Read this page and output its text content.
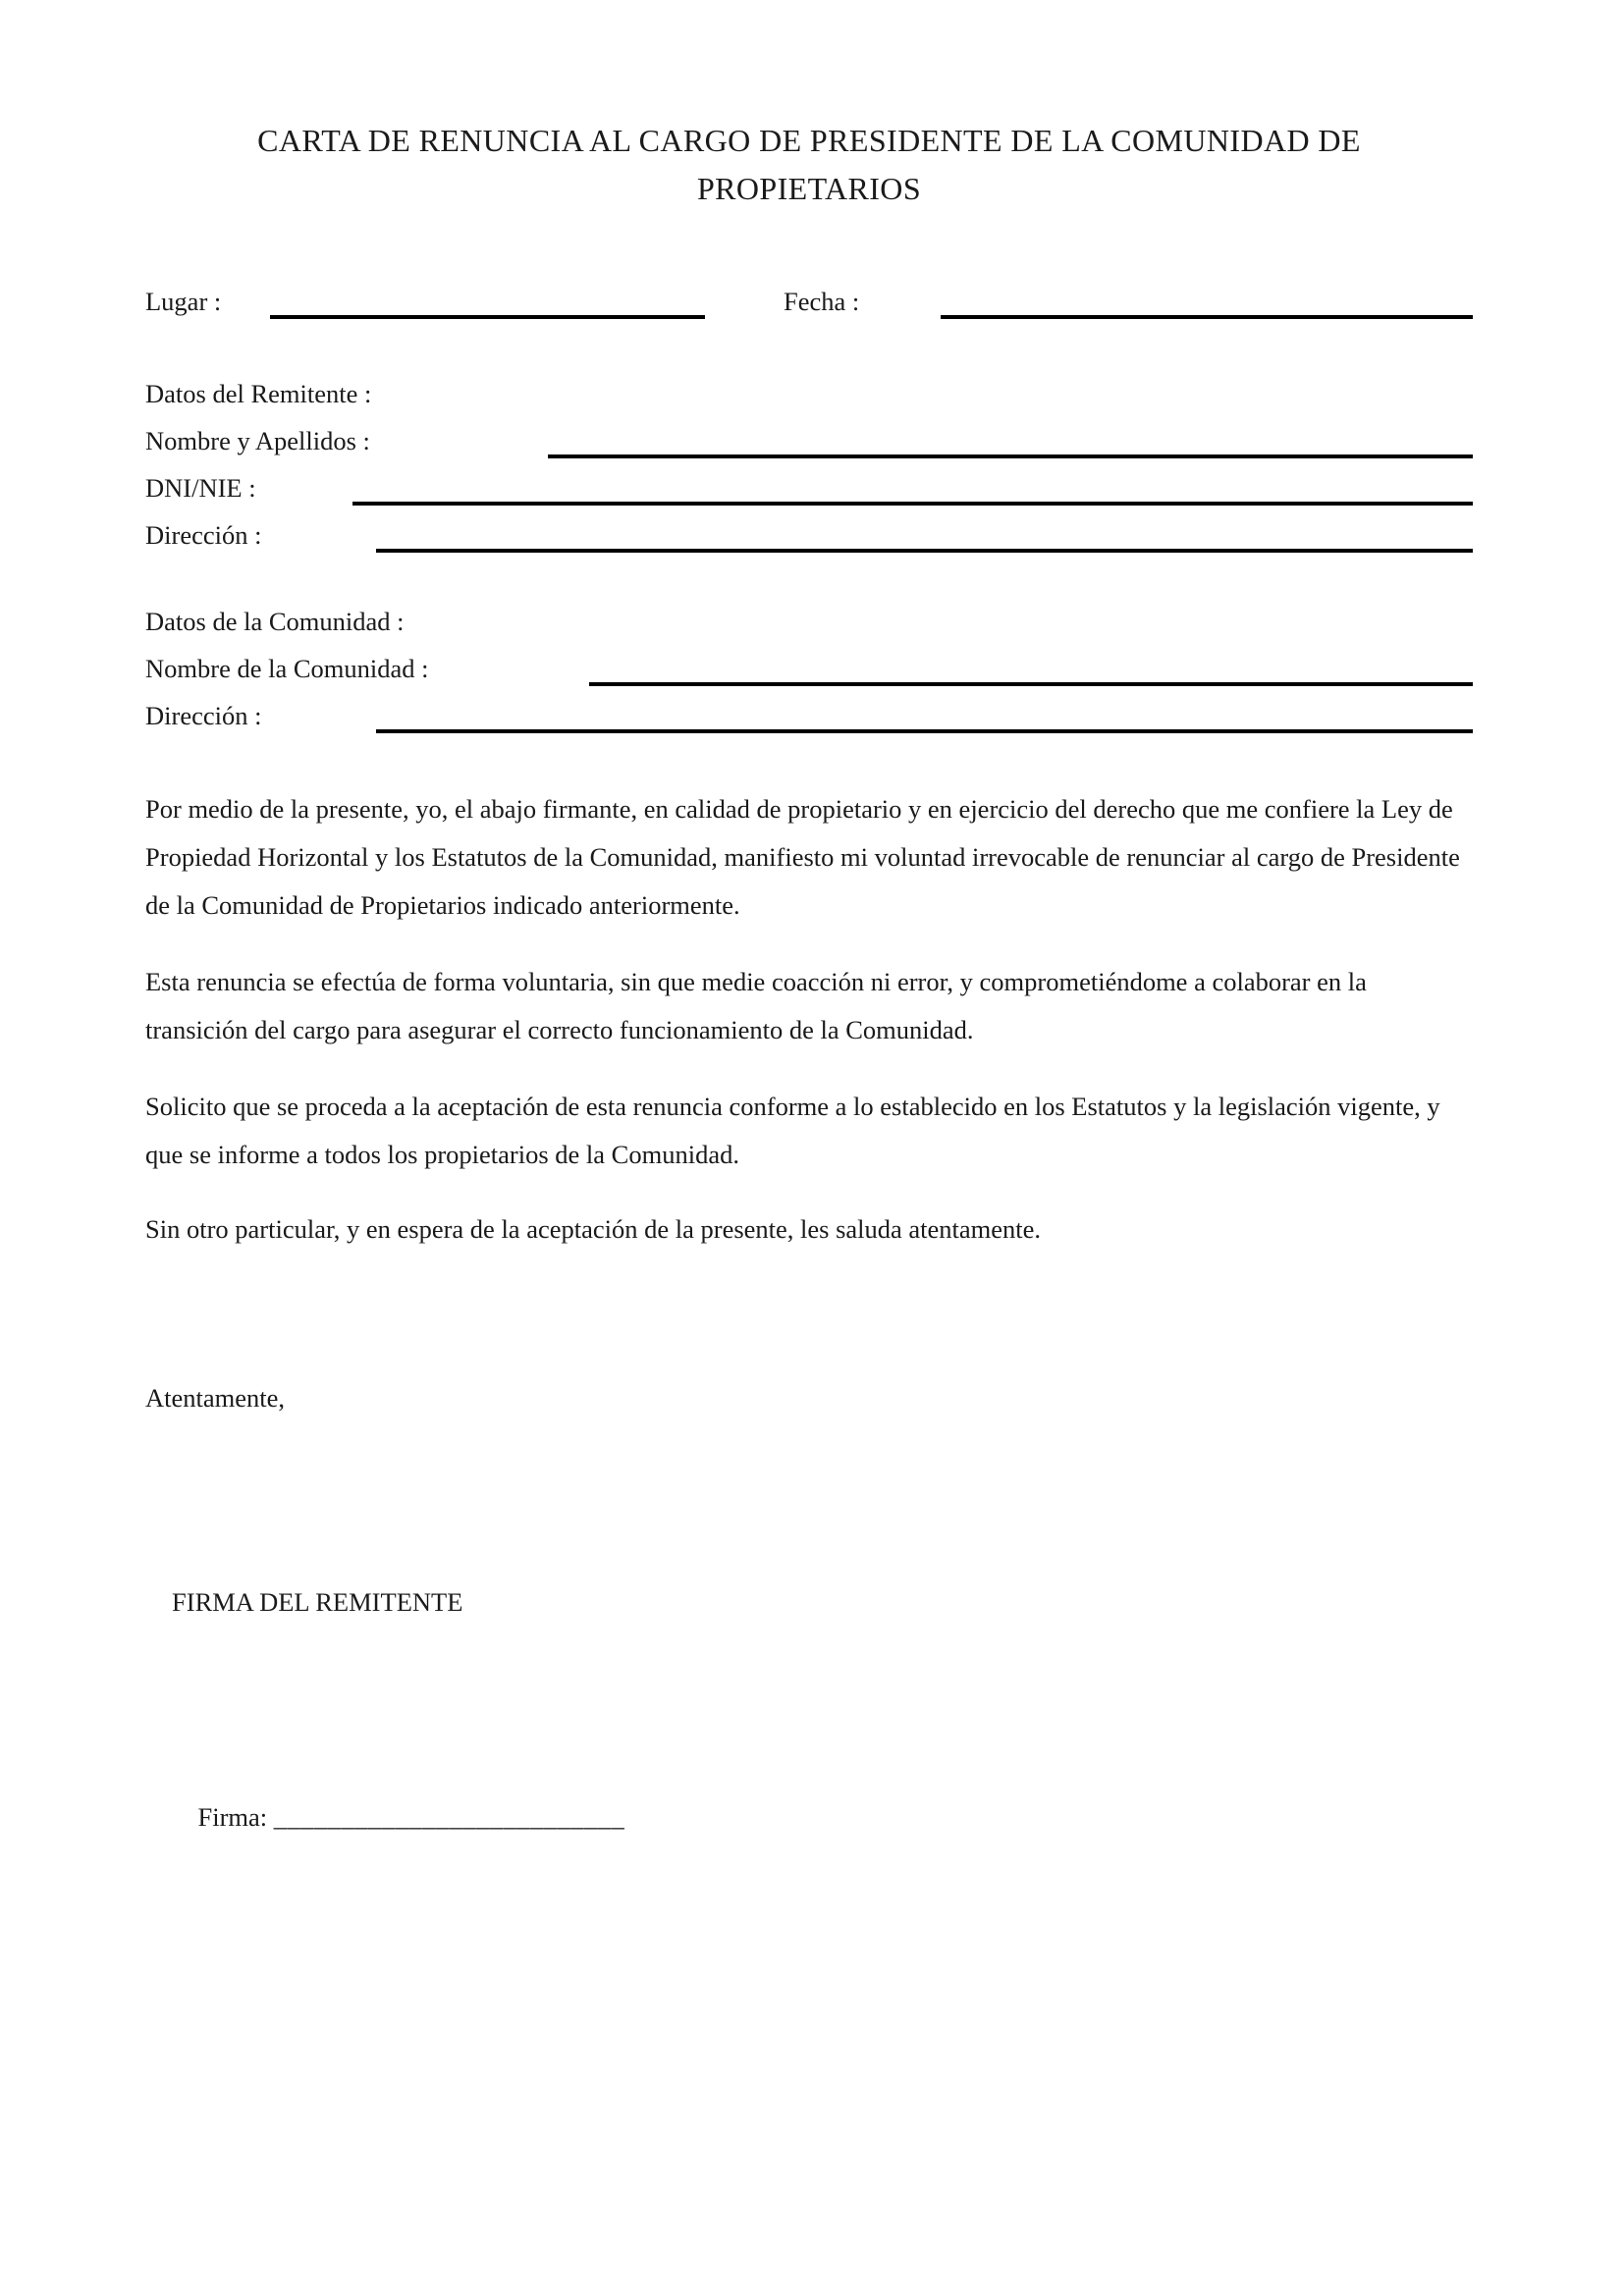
CARTA DE RENUNCIA AL CARGO DE PRESIDENTE DE LA COMUNIDAD DE PROPIETARIOS
Lugar :	Fecha :
Datos del Remitente :
Nombre y Apellidos :
DNI/NIE :
Dirección :
Datos de la Comunidad :
Nombre de la Comunidad :
Dirección :

Por medio de la presente, yo, el abajo firmante, en calidad de propietario y en ejercicio del derecho que me confiere la Ley de Propiedad Horizontal y los Estatutos de la Comunidad, manifiesto mi voluntad irrevocable de renunciar al cargo de Presidente de la Comunidad de Propietarios indicado anteriormente.

Esta renuncia se efectúa de forma voluntaria, sin que medie coacción ni error, y comprometiéndome a colaborar en la transición del cargo para asegurar el correcto funcionamiento de la Comunidad.

Solicito que se proceda a la aceptación de esta renuncia conforme a lo establecido en los Estatutos y la legislación vigente, y que se informe a todos los propietarios de la Comunidad.

Sin otro particular, y en espera de la aceptación de la presente, les saluda atentamente.

Atentamente,
FIRMA DEL REMITENTE

Firma: __________________________
